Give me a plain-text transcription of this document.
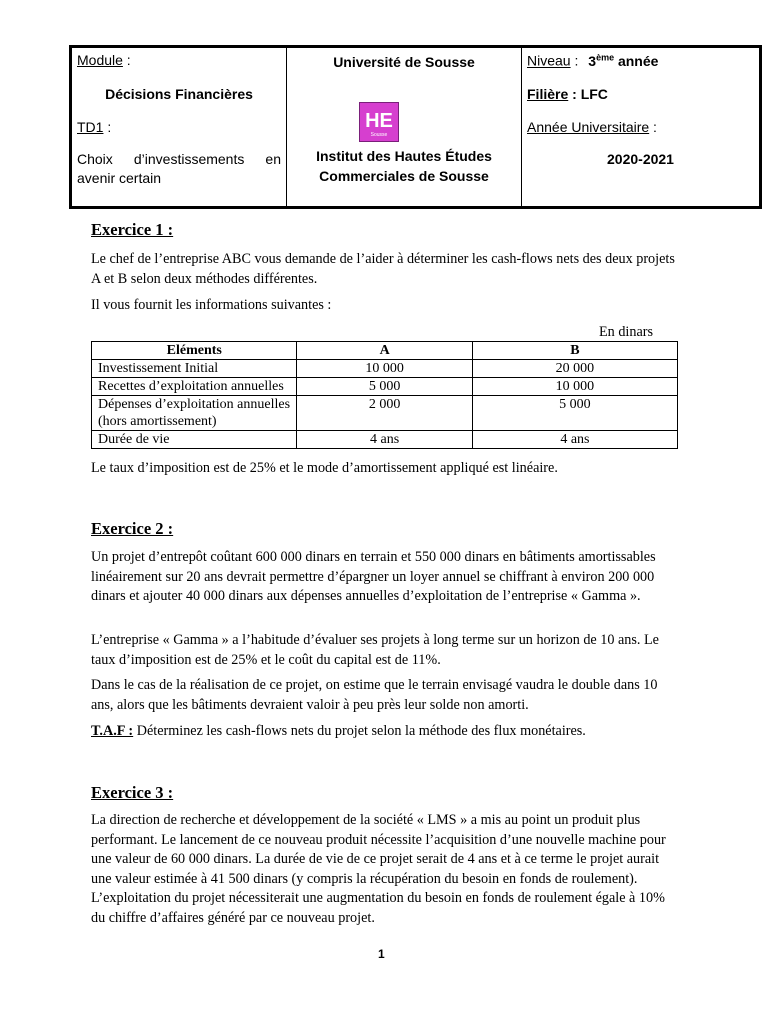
Module :
Décisions Financières
TD1 :
Choix d’investissements en avenir certain
Université de Sousse
HE
Sousse
Institut des Hautes Études Commerciales de Sousse
Niveau : 3ème année
Filière : LFC
Année Universitaire :
2020-2021
Exercice 1 :
Le chef de l’entreprise ABC vous demande de l’aider à déterminer les cash-flows nets des deux projets A et B selon deux méthodes différentes.
Il vous fournit les informations suivantes :
En dinars
Eléments	A	B
Investissement Initial	10 000	20 000
Recettes d’exploitation annuelles	5 000	10 000
Dépenses d’exploitation annuelles (hors amortissement)	2 000	5 000
Durée de vie	4 ans	4 ans
Le taux d’imposition est de 25% et le mode d’amortissement appliqué est linéaire.
Exercice 2 :
Un projet d’entrepôt coûtant 600 000 dinars en terrain et 550 000 dinars en bâtiments amortissables linéairement sur 20 ans devrait permettre d’épargner un loyer annuel se chiffrant à environ 200 000 dinars et ajouter 40 000 dinars aux dépenses annuelles d’exploitation de l’entreprise « Gamma ».
L’entreprise « Gamma » a l’habitude d’évaluer ses projets à long terme sur un horizon de 10 ans. Le taux d’imposition est de 25% et le coût du capital est de 11%.
Dans le cas de la réalisation de ce projet, on estime que le terrain envisagé vaudra le double dans 10 ans, alors que les bâtiments devraient valoir à peu près leur solde non amorti.
T.A.F : Déterminez les cash-flows nets du projet selon la méthode des flux monétaires.
Exercice 3 :
La direction de recherche et développement de la société « LMS » a mis au point un produit plus performant. Le lancement de ce nouveau produit nécessite l’acquisition d’une nouvelle machine pour une valeur de 60 000 dinars. La durée de vie de ce projet serait de 4 ans et à ce terme le projet aurait une valeur estimée à 41 500 dinars (y compris la récupération du besoin en fonds de roulement). L’exploitation du projet nécessiterait une augmentation du besoin en fonds de roulement égale à 10% du chiffre d’affaires généré par ce nouveau projet.
1
